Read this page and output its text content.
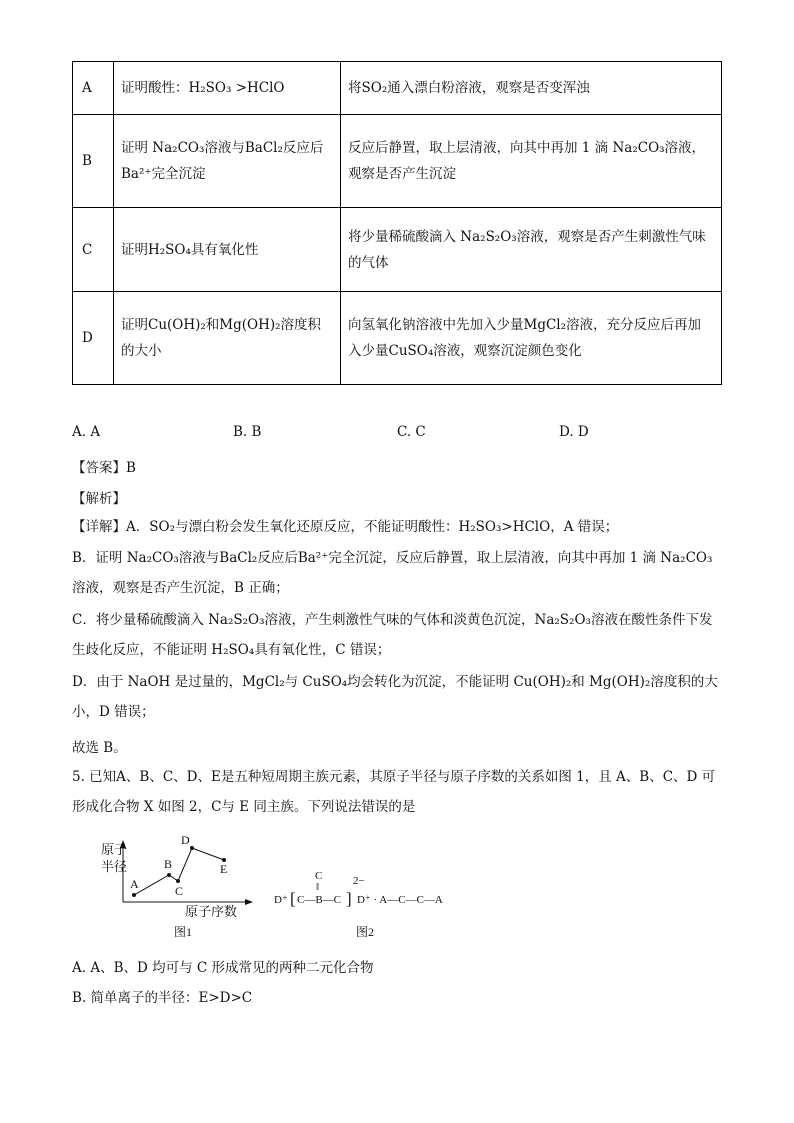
A	证明酸性：H₂SO₃ >HClO	将SO₂通入漂白粉溶液，观察是否变浑浊
B	证明 Na₂CO₃溶液与BaCl₂反应后Ba²⁺完全沉淀	反应后静置，取上层清液，向其中再加 1 滴 Na₂CO₃溶液，观察是否产生沉淀
C	证明H₂SO₄具有氧化性	将少量稀硫酸滴入 Na₂S₂O₃溶液，观察是否产生刺激性气味的气体
D	证明Cu(OH)₂和Mg(OH)₂溶度积的大小	向氢氧化钠溶液中先加入少量MgCl₂溶液，充分反应后再加入少量CuSO₄溶液，观察沉淀颜色变化
A. A	B. B	C. C	D. D
【答案】B
【解析】
【详解】A．SO₂与漂白粉会发生氧化还原反应，不能证明酸性：H₂SO₃>HClO，A 错误；
B．证明 Na₂CO₃溶液与BaCl₂反应后Ba²⁺完全沉淀，反应后静置，取上层清液，向其中再加 1 滴 Na₂CO₃溶液，观察是否产生沉淀，B 正确；
C．将少量稀硫酸滴入 Na₂S₂O₃溶液，产生刺激性气味的气体和淡黄色沉淀，Na₂S₂O₃溶液在酸性条件下发生歧化反应，不能证明 H₂SO₄具有氧化性，C 错误；
D．由于 NaOH 是过量的，MgCl₂与 CuSO₄均会转化为沉淀，不能证明 Cu(OH)₂和 Mg(OH)₂溶度积的大小，D 错误；
故选 B。
5. 已知A、B、C、D、E是五种短周期主族元素，其原子半径与原子序数的关系如图 1，且 A、B、C、D 可形成化合物 X 如图 2，C与 E 同主族。下列说法错误的是
A
B
C
D
E
原子
半径
原子序数
图1
C
‖
D⁺ [ C—B—C ]
2−
D⁺ · A—C—C—A
图2
A. A、B、D 均可与 C 形成常见的两种二元化合物
B. 简单离子的半径：E>D>C
